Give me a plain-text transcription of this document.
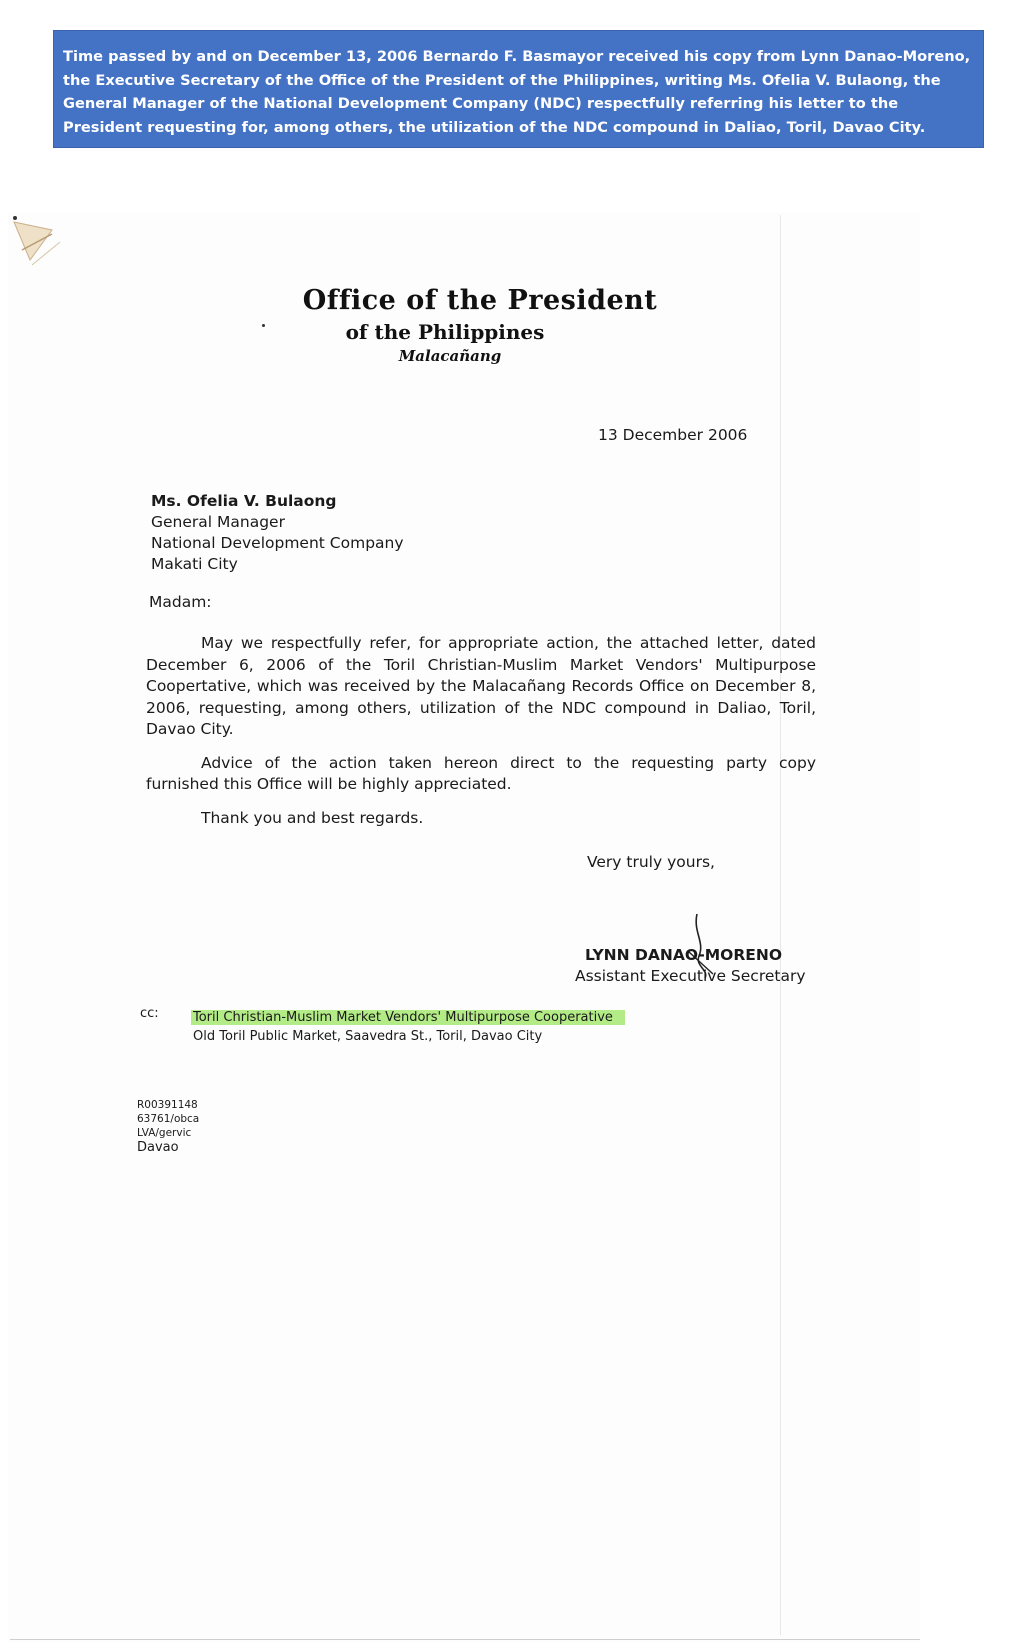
Time passed by and on December 13, 2006 Bernardo F. Basmayor received his copy from Lynn Danao-Moreno, the Executive Secretary of the Office of the President of the Philippines, writing Ms. Ofelia V. Bulaong, the General Manager of the National Development Company (NDC) respectfully referring his letter to the President requesting for, among others, the utilization of the NDC compound in Daliao, Toril, Davao City.
Office of the President
of the Philippines
Malacañang
13 December 2006
Ms. Ofelia V. Bulaong
General Manager
National Development Company
Makati City
Madam:

May we respectfully refer, for appropriate action, the attached letter, dated December 6, 2006 of the Toril Christian-Muslim Market Vendors' Multipurpose Coopertative, which was received by the Malacañang Records Office on December 8, 2006, requesting, among others, utilization of the NDC compound in Daliao, Toril, Davao City.

Advice of the action taken hereon direct to the requesting party copy furnished this Office will be highly appreciated.

Thank you and best regards.

Very truly yours,
LYNN DANAO-MORENO
Assistant Executive Secretary
cc:	Toril Christian-Muslim Market Vendors' Multipurpose Cooperative
Old Toril Public Market, Saavedra St., Toril, Davao City
R00391148
63761/obca
LVA/gervic
Davao
